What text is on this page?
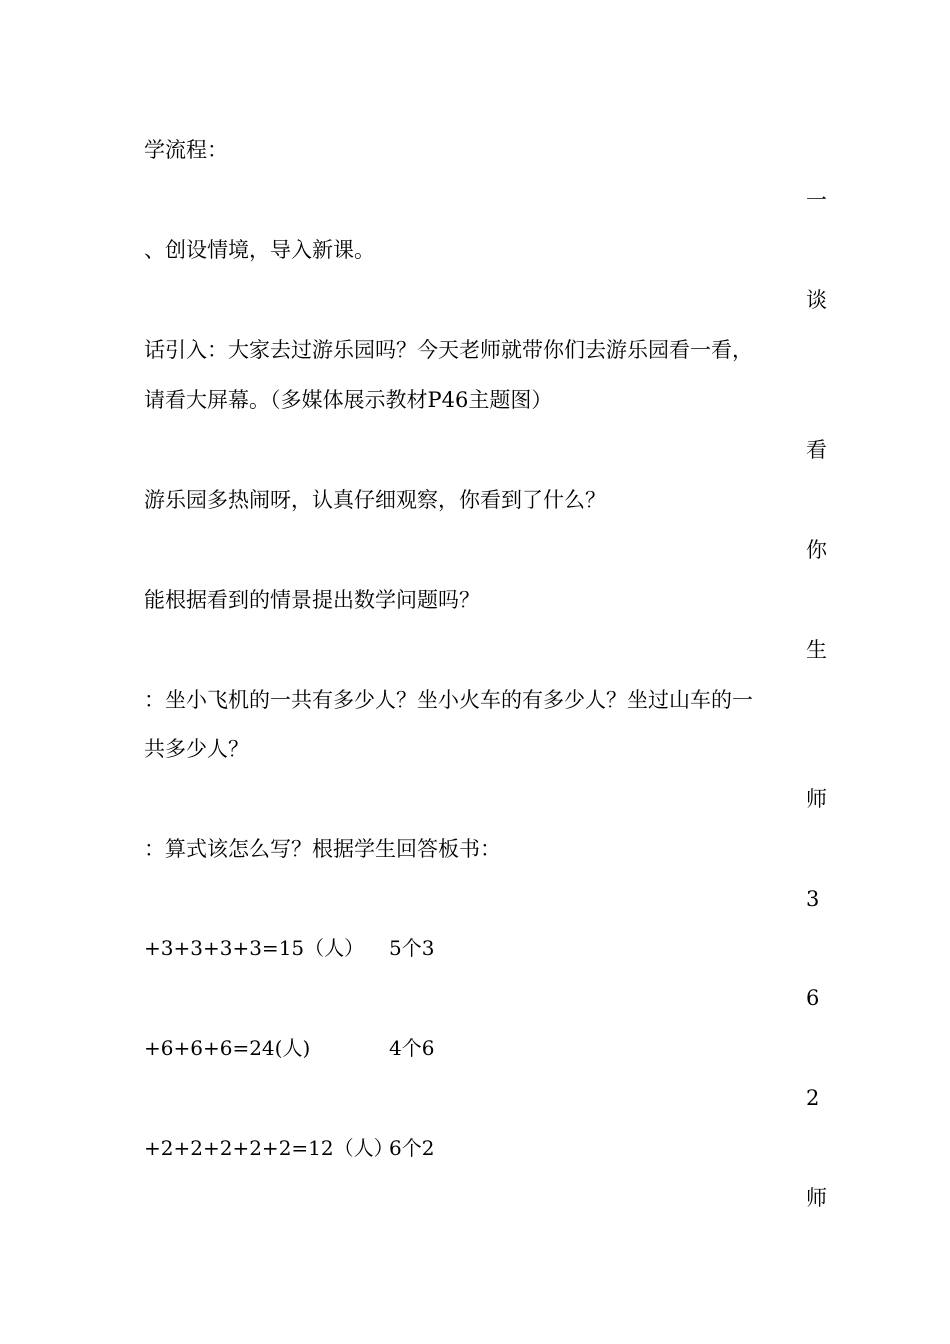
学流程：
一
、创设情境，导入新课。
谈
话引入：大家去过游乐园吗？今天老师就带你们去游乐园看一看，
请看大屏幕。（多媒体展示教材P46主题图）
看
游乐园多热闹呀，认真仔细观察，你看到了什么？
你
能根据看到的情景提出数学问题吗？
生
：坐小飞机的一共有多少人？坐小火车的有多少人？坐过山车的一
共多少人？
师
：算式该怎么写？根据学生回答板书：
3
+3+3+3+3=15（人） 5个3
6
+6+6+6=24(人)	4个6
2
+2+2+2+2+2=12（人）
6个2
师
